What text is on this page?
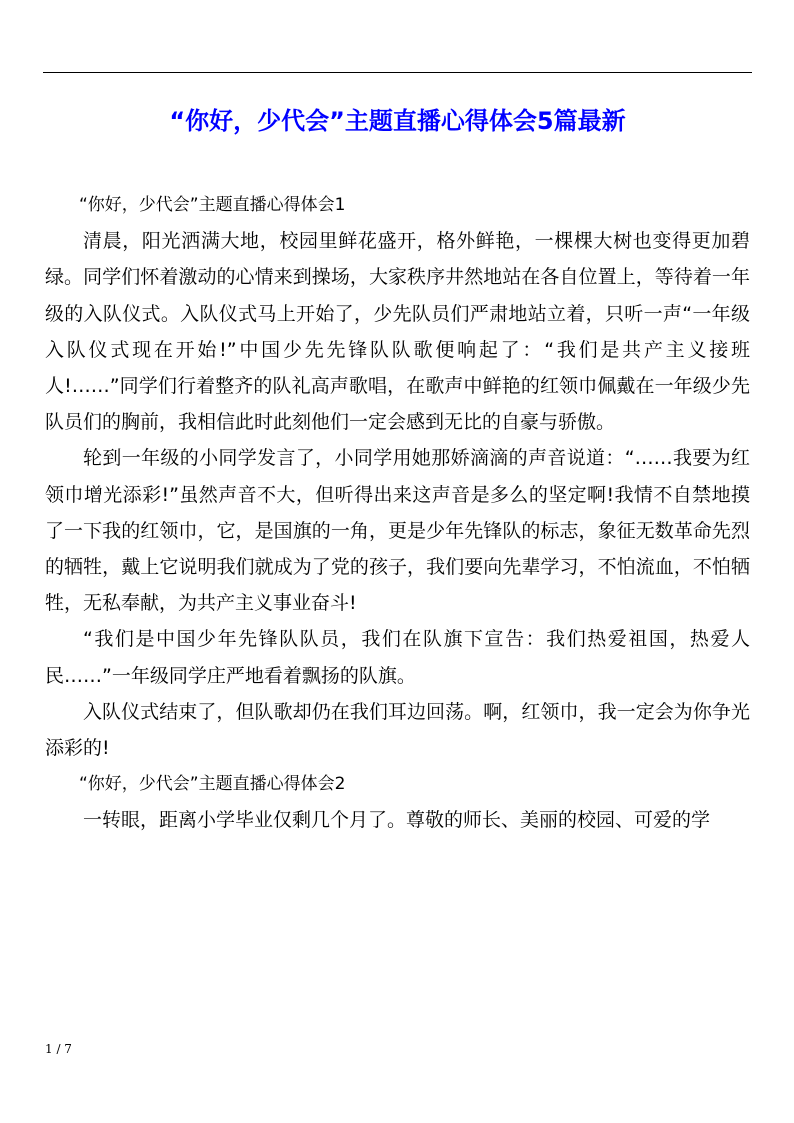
“你好，少代会”主题直播心得体会5篇最新

“你好，少代会”主题直播心得体会1

清晨，阳光洒满大地，校园里鲜花盛开，格外鲜艳，一棵棵大树也变得更加碧绿。同学们怀着激动的心情来到操场，大家秩序井然地站在各自位置上，等待着一年级的入队仪式。入队仪式马上开始了，少先队员们严肃地站立着，只听一声“一年级入队仪式现在开始!”中国少先先锋队队歌便响起了：“我们是共产主义接班人!……”同学们行着整齐的队礼高声歌唱，在歌声中鲜艳的红领巾佩戴在一年级少先队员们的胸前，我相信此时此刻他们一定会感到无比的自豪与骄傲。

轮到一年级的小同学发言了，小同学用她那娇滴滴的声音说道：“……我要为红领巾增光添彩!”虽然声音不大，但听得出来这声音是多么的坚定啊!我情不自禁地摸了一下我的红领巾，它，是国旗的一角，更是少年先锋队的标志，象征无数革命先烈的牺牲，戴上它说明我们就成为了党的孩子，我们要向先辈学习，不怕流血，不怕牺牲，无私奉献，为共产主义事业奋斗!

“我们是中国少年先锋队队员，我们在队旗下宣告：我们热爱祖国，热爱人民……”一年级同学庄严地看着飘扬的队旗。

入队仪式结束了，但队歌却仍在我们耳边回荡。啊，红领巾，我一定会为你争光添彩的!

“你好，少代会”主题直播心得体会2

一转眼，距离小学毕业仅剩几个月了。尊敬的师长、美丽的校园、可爱的学

1 / 7
